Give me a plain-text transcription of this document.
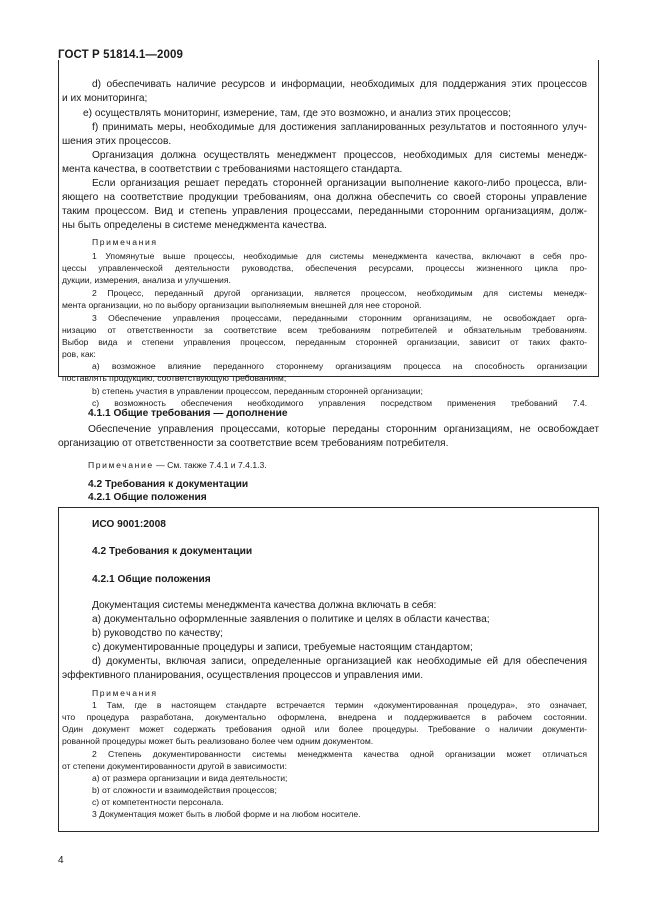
ГОСТ Р 51814.1—2009
d) обеспечивать наличие ресурсов и информации, необходимых для поддержания этих процессов
и их мониторинга;
e) осуществлять мониторинг, измерение, там, где это возможно, и анализ этих процессов;
f) принимать меры, необходимые для достижения запланированных результатов и постоянного улуч-
шения этих процессов.
Организация должна осуществлять менеджмент процессов, необходимых для системы менедж-
мента качества, в соответствии с требованиями настоящего стандарта.
Если организация решает передать сторонней организации выполнение какого-либо процесса, вли-
яющего на соответствие продукции требованиям, она должна обеспечить со своей стороны управление
таким процессом. Вид и степень управления процессами, переданными сторонним организациям, долж-
ны быть определены в системе менеджмента качества.
Примечания
1 Упомянутые выше процессы, необходимые для системы менеджмента качества, включают в себя про-
цессы управленческой деятельности руководства, обеспечения ресурсами, процессы жизненного цикла про-
дукции, измерения, анализа и улучшения.
2 Процесс, переданный другой организации, является процессом, необходимым для системы менедж-
мента организации, но по выбору организации выполняемым внешней для нее стороной.
3 Обеспечение управления процессами, переданными сторонним организациям, не освобождает орга-
низацию от ответственности за соответствие всем требованиям потребителей и обязательным требованиям.
Выбор вида и степени управления процессом, переданным сторонней организации, зависит от таких факто-
ров, как:
a) возможное влияние переданного стороннему организациям процесса на способность организации
поставлять продукцию, соответствующую требованиям;
b) степень участия в управлении процессом, переданным сторонней организации;
c) возможность обеспечения необходимого управления посредством применения требований 7.4.
4.1.1 Общие требования — дополнение
Обеспечение управления процессами, которые переданы сторонним организациям, не освобождает
организацию от ответственности за соответствие всем требованиям потребителя.
Примечание — См. также 7.4.1 и 7.4.1.3.
4.2 Требования к документации
4.2.1 Общие положения
ИСО 9001:2008
4.2 Требования к документации
4.2.1 Общие положения
Документация системы менеджмента качества должна включать в себя:
a) документально оформленные заявления о политике и целях в области качества;
b) руководство по качеству;
c) документированные процедуры и записи, требуемые настоящим стандартом;
d) документы, включая записи, определенные организацией как необходимые ей для обеспечения
эффективного планирования, осуществления процессов и управления ими.
Примечания
1 Там, где в настоящем стандарте встречается термин «документированная процедура», это означает,
что процедура разработана, документально оформлена, внедрена и поддерживается в рабочем состоянии.
Один документ может содержать требования одной или более процедуры. Требование о наличии документи-
рованной процедуры может быть реализовано более чем одним документом.
2 Степень документированности системы менеджмента качества одной организации может отличаться
от степени документированности другой в зависимости:
a) от размера организации и вида деятельности;
b) от сложности и взаимодействия процессов;
c) от компетентности персонала.
3 Документация может быть в любой форме и на любом носителе.
4
